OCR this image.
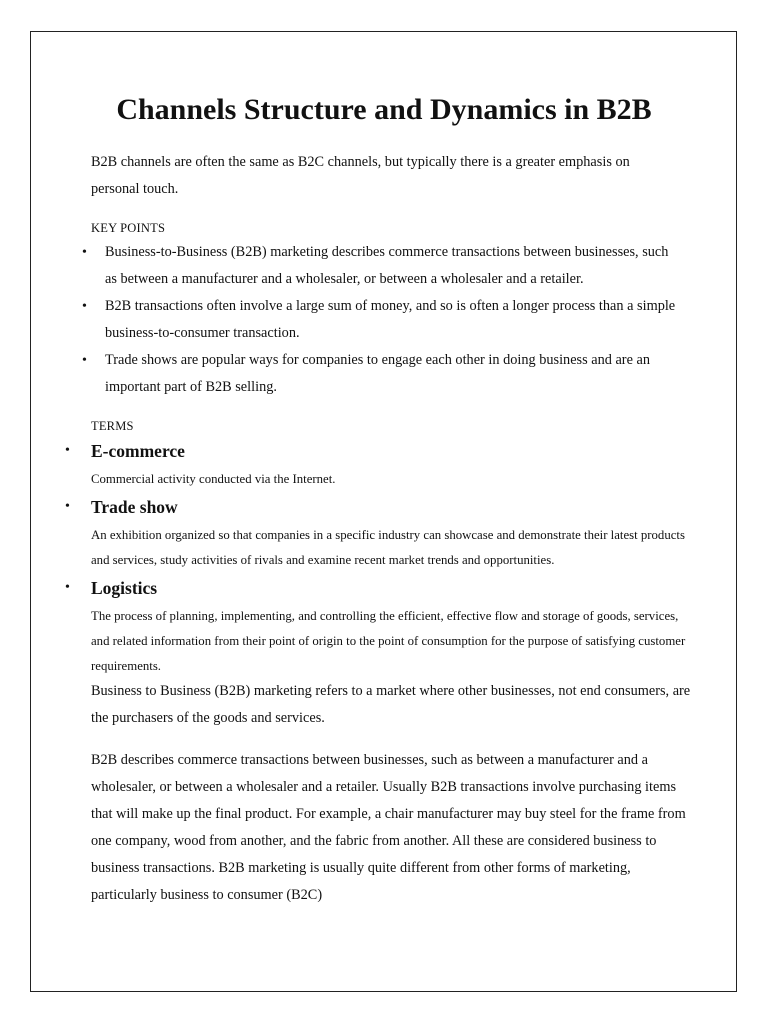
Channels Structure and Dynamics in B2B

B2B channels are often the same as B2C channels, but typically there is a greater emphasis on personal touch.

KEY POINTS

• Business-to-Business (B2B) marketing describes commerce transactions between businesses, such as between a manufacturer and a wholesaler, or between a wholesaler and a retailer.
• B2B transactions often involve a large sum of money, and so is often a longer process than a simple business-to-consumer transaction.
• Trade shows are popular ways for companies to engage each other in doing business and are an important part of B2B selling.

TERMS

• E-commerce

Commercial activity conducted via the Internet.

• Trade show

An exhibition organized so that companies in a specific industry can showcase and demonstrate their latest products and services, study activities of rivals and examine recent market trends and opportunities.

• Logistics

The process of planning, implementing, and controlling the efficient, effective flow and storage of goods, services, and related information from their point of origin to the point of consumption for the purpose of satisfying customer requirements.

Business to Business (B2B) marketing refers to a market where other businesses, not end consumers, are the purchasers of the goods and services.

B2B describes commerce transactions between businesses, such as between a manufacturer and a wholesaler, or between a wholesaler and a retailer. Usually B2B transactions involve purchasing items that will make up the final product. For example, a chair manufacturer may buy steel for the frame from one company, wood from another, and the fabric from another. All these are considered business to business transactions. B2B marketing is usually quite different from other forms of marketing, particularly business to consumer (B2C)
